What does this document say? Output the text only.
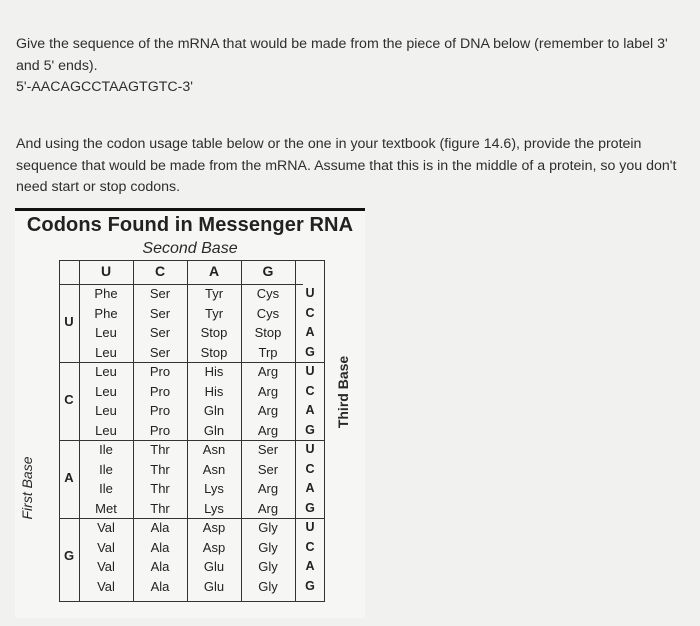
Give the sequence of the mRNA that would be made from the piece of DNA below (remember to label 3' and 5' ends).
5'-AACAGCCTAAGTGTC-3'

And using the codon usage table below or the one in your textbook (figure 14.6), provide the protein sequence that would be made from the mRNA. Assume that this is in the middle of a protein, so you don't need start or stop codons.

Codons Found in Messenger RNA
Second Base
First Base
Third Base
U	C	A	G
U
Phe	Ser	Tyr	Cys	U
Phe	Ser	Tyr	Cys	C
Leu	Ser	Stop	Stop	A
Leu	Ser	Stop	Trp	G
C
Leu	Pro	His	Arg	U
Leu	Pro	His	Arg	C
Leu	Pro	Gln	Arg	A
Leu	Pro	Gln	Arg	G
A
Ile	Thr	Asn	Ser	U
Ile	Thr	Asn	Ser	C
Ile	Thr	Lys	Arg	A
Met	Thr	Lys	Arg	G
G
Val	Ala	Asp	Gly	U
Val	Ala	Asp	Gly	C
Val	Ala	Glu	Gly	A
Val	Ala	Glu	Gly	G
